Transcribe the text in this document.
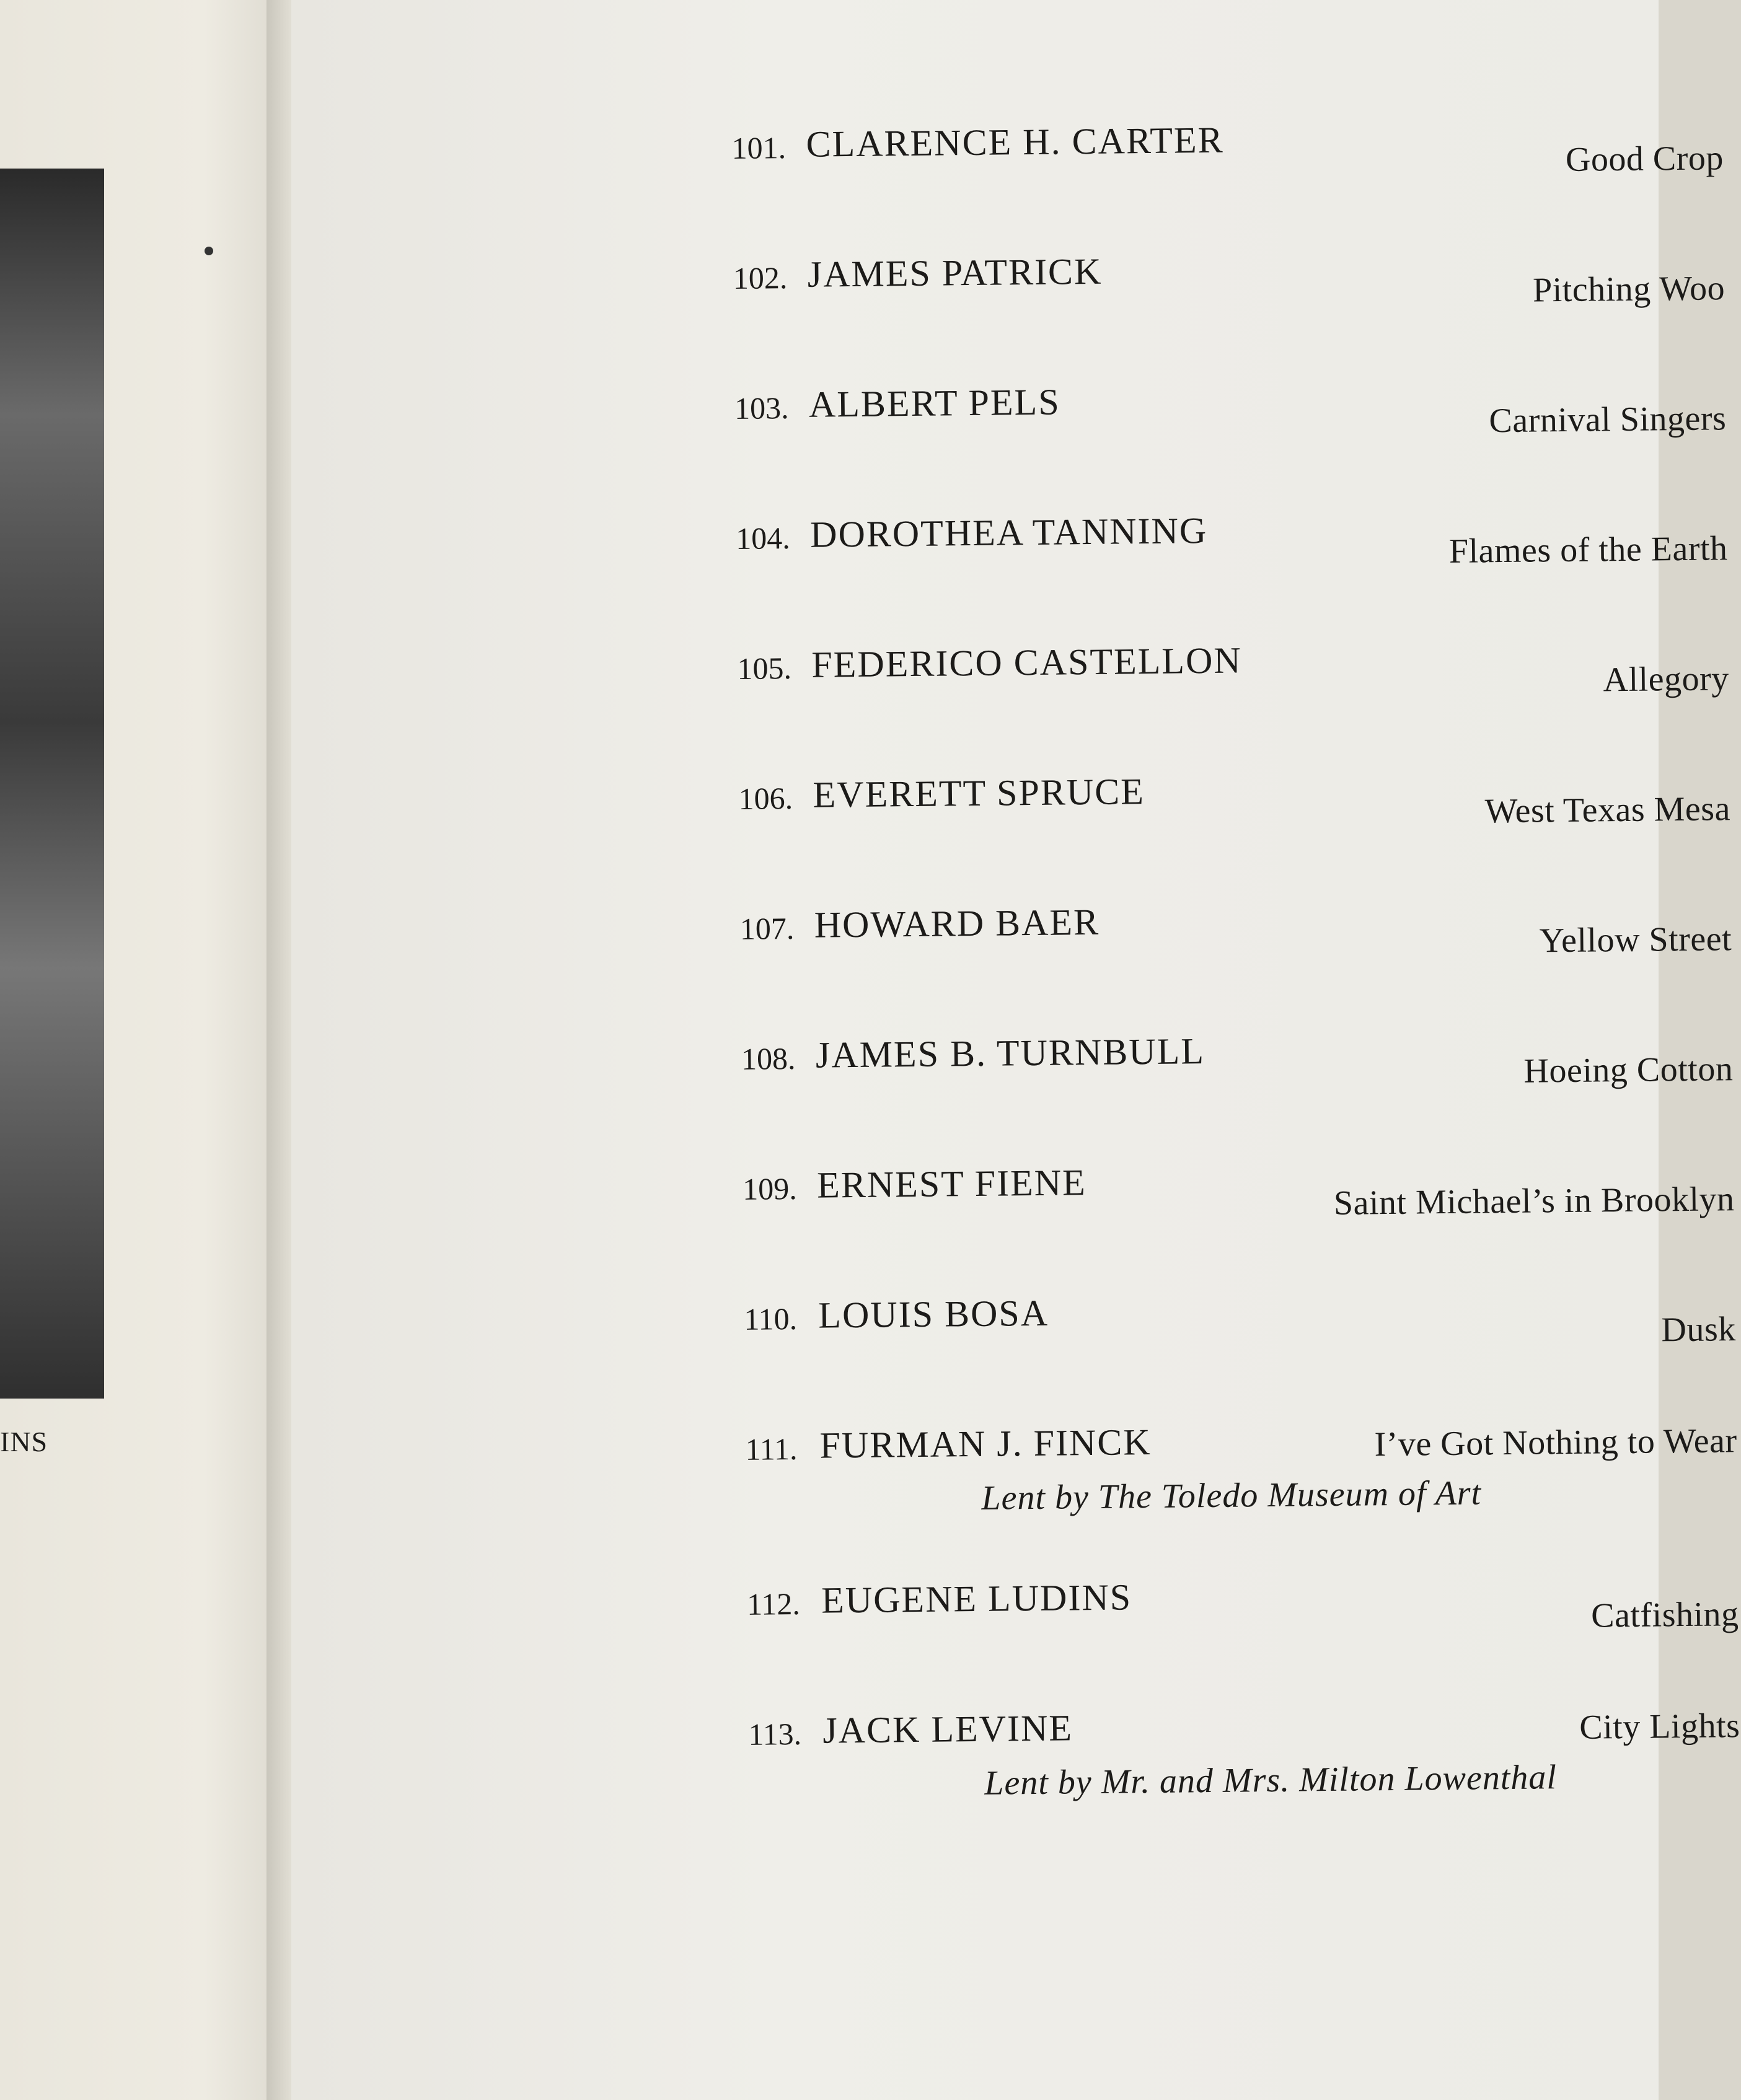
INS
101. CLARENCE H. CARTER	Good Crop
102. JAMES PATRICK	Pitching Woo
103. ALBERT PELS	Carnival Singers
104. DOROTHEA TANNING	Flames of the Earth
105. FEDERICO CASTELLON	Allegory
106. EVERETT SPRUCE	West Texas Mesa
107. HOWARD BAER	Yellow Street
108. JAMES B. TURNBULL	Hoeing Cotton
109. ERNEST FIENE	Saint Michael’s in Brooklyn
110. LOUIS BOSA	Dusk
111. FURMAN J. FINCK	I’ve Got Nothing to Wear
Lent by The Toledo Museum of Art
112. EUGENE LUDINS	Catfishing
113. JACK LEVINE	City Lights
Lent by Mr. and Mrs. Milton Lowenthal
